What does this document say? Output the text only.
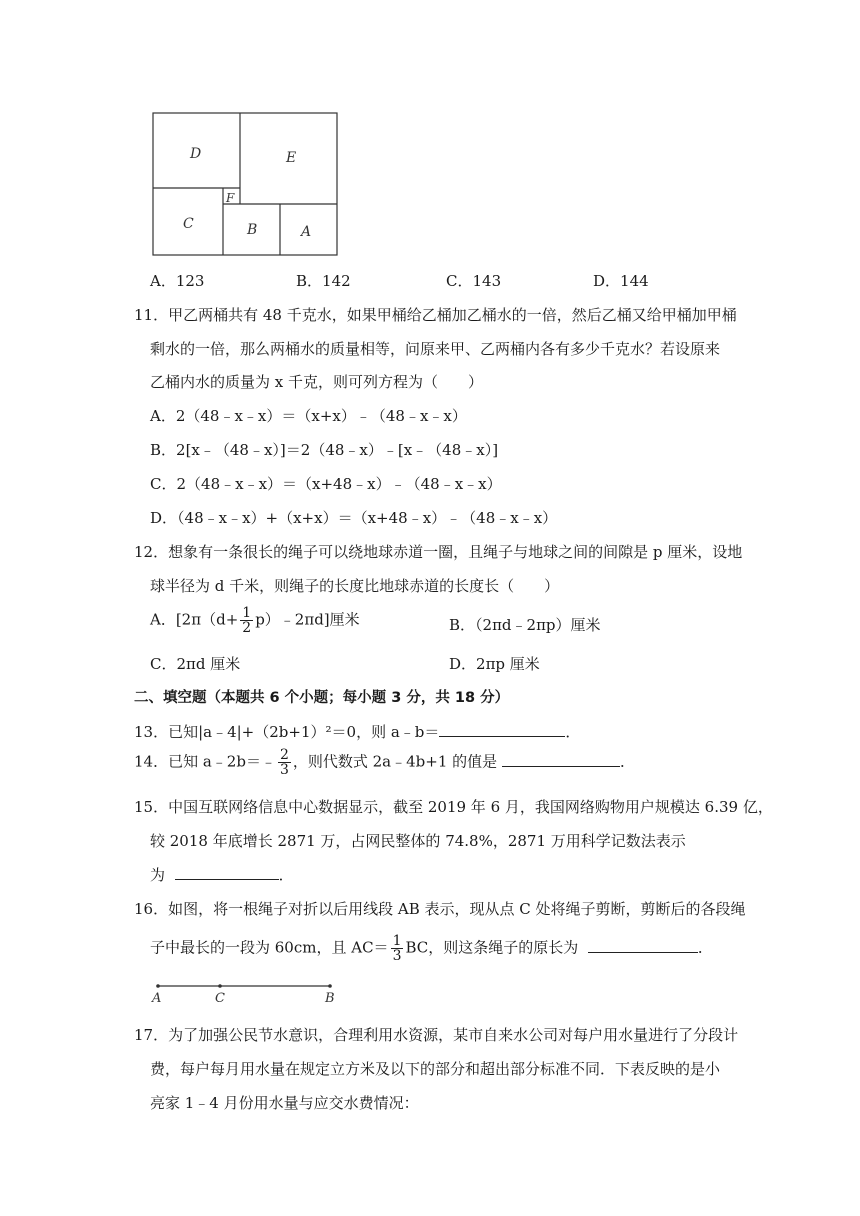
D	E
C
F
B	A
A．123	B．142	C．143	D．144
11．甲乙两桶共有 48 千克水，如果甲桶给乙桶加乙桶水的一倍，然后乙桶又给甲桶加甲桶
剩水的一倍，那么两桶水的质量相等，问原来甲、乙两桶内各有多少千克水？若设原来
乙桶内水的质量为 x 千克，则可列方程为（　　）
A．2（48﹣x﹣x）＝（x+x）﹣（48﹣x﹣x）
B．2[x﹣（48﹣x）]＝2（48﹣x）﹣[x﹣（48﹣x）]
C．2（48﹣x﹣x）＝（x+48﹣x）﹣（48﹣x﹣x）
D．（48﹣x﹣x）+（x+x）＝（x+48﹣x）﹣（48﹣x﹣x）
12．想象有一条很长的绳子可以绕地球赤道一圈，且绳子与地球之间的间隙是 p 厘米，设地
球半径为 d 千米，则绳子的长度比地球赤道的长度长（　　）
A．[$2\pi(d+ \frac{1}{2}$ p）﹣2πd]厘米	B．（2πd﹣2πp）厘米
C．2πd 厘米	D．2πp 厘米
二、填空题（本题共 6 个小题；每小题 3 分，共 18 分）
13．已知|a﹣4|+（2b+1）²＝0，则 a﹣b＝	．
14．已知 a﹣2b＝﹣ $\frac{2}{3}$ ，则代数式 2a﹣4b+1 的值是	．
15．中国互联网络信息中心数据显示，截至 2019 年 6 月，我国网络购物用户规模达 6.39 亿，
较 2018 年底增长 2871 万，占网民整体的 74.8%，2871 万用科学记数法表示
为	．
16．如图，将一根绳子对折以后用线段 AB 表示，现从点 C 处将绳子剪断，剪断后的各段绳
子中最长的一段为 60cm，且 $AC= \frac{1}{3}$ BC，则这条绳子的原长为	．
A	C	B
17．为了加强公民节水意识，合理利用水资源，某市自来水公司对每户用水量进行了分段计
费，每户每月用水量在规定立方米及以下的部分和超出部分标准不同．下表反映的是小
亮家 1﹣4 月份用水量与应交水费情况：
